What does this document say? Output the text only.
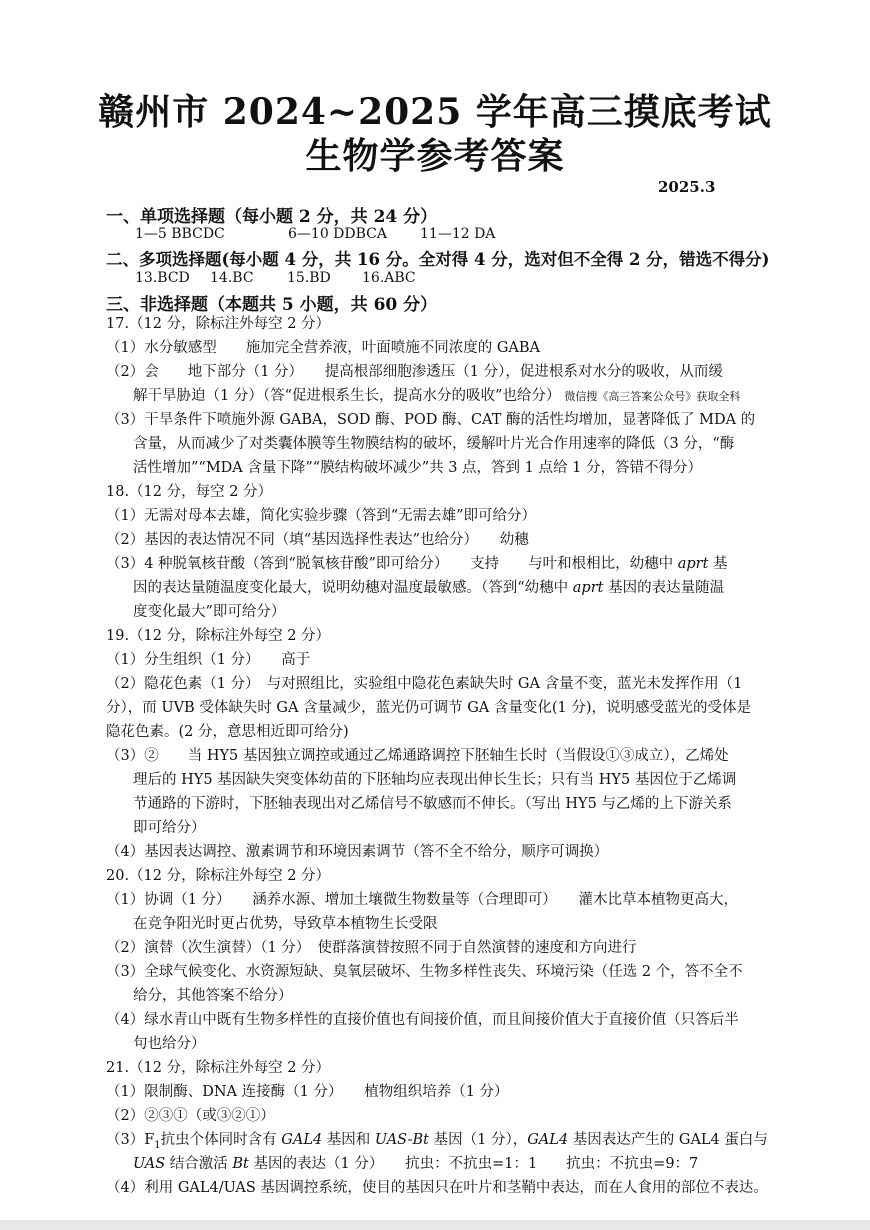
赣州市 2024~2025 学年高三摸底考试
生物学参考答案
2025.3
一、单项选择题（每小题 2 分，共 24 分）
1—5 BBCDC	6—10 DDBCA 11—12 DA
二、多项选择题(每小题 4 分，共 16 分。全对得 4 分，选对但不全得 2 分，错选不得分)
13.BCD 14.BC 15.BD 16.ABC
三、非选择题（本题共 5 小题，共 60 分）
17.（12 分，除标注外每空 2 分）
（1）水分敏感型　　施加完全营养液，叶面喷施不同浓度的 GABA
（2）会　　地下部分（1 分）　　提高根部细胞渗透压（1 分），促进根系对水分的吸收，从而缓
解干旱胁迫（1 分）（答“促进根系生长，提高水分的吸收”也给分） 微信搜《高三答案公众号》获取全科
（3）干旱条件下喷施外源 GABA，SOD 酶、POD 酶、CAT 酶的活性均增加，显著降低了 MDA 的
含量，从而减少了对类囊体膜等生物膜结构的破坏，缓解叶片光合作用速率的降低（3 分，“酶
活性增加”“MDA 含量下降”“膜结构破坏减少”共 3 点，答到 1 点给 1 分，答错不得分）
18.（12 分，每空 2 分）
（1）无需对母本去雄，简化实验步骤（答到“无需去雄”即可给分）
（2）基因的表达情况不同（填“基因选择性表达”也给分）　　幼穗
（3）4 种脱氧核苷酸（答到“脱氧核苷酸”即可给分）　　支持　　与叶和根相比，幼穗中 aprt 基
因的表达量随温度变化最大，说明幼穗对温度最敏感。（答到“幼穗中 aprt 基因的表达量随温
度变化最大”即可给分）
19.（12 分，除标注外每空 2 分）
（1）分生组织（1 分）　　高于
（2）隐花色素（1 分）　与对照组比，实验组中隐花色素缺失时 GA 含量不变，蓝光未发挥作用（1
分），而 UVB 受体缺失时 GA 含量减少，蓝光仍可调节 GA 含量变化(1 分)，说明感受蓝光的受体是
隐花色素。(2 分，意思相近即可给分)
（3）②　　当 HY5 基因独立调控或通过乙烯通路调控下胚轴生长时（当假设①③成立），乙烯处
理后的 HY5 基因缺失突变体幼苗的下胚轴均应表现出伸长生长；只有当 HY5 基因位于乙烯调
节通路的下游时，下胚轴表现出对乙烯信号不敏感而不伸长。（写出 HY5 与乙烯的上下游关系
即可给分）
（4）基因表达调控、激素调节和环境因素调节（答不全不给分，顺序可调换）
20.（12 分，除标注外每空 2 分）
（1）协调（1 分）　　涵养水源、增加土壤微生物数量等（合理即可）　　灌木比草本植物更高大，
在竞争阳光时更占优势，导致草本植物生长受限
（2）演替（次生演替）（1 分）　使群落演替按照不同于自然演替的速度和方向进行
（3）全球气候变化、水资源短缺、臭氧层破坏、生物多样性丧失、环境污染（任选 2 个，答不全不
给分，其他答案不给分）
（4）绿水青山中既有生物多样性的直接价值也有间接价值，而且间接价值大于直接价值（只答后半
句也给分）
21.（12 分，除标注外每空 2 分）
（1）限制酶、DNA 连接酶（1 分）　　植物组织培养（1 分）
（2）②③①（或③②①）
$(3)F_1$抗虫个体同时含有 GAL4 基因和 UAS-Bt 基因（1 分），GAL4 基因表达产生的 GAL4 蛋白与
UAS 结合激活 Bt 基因的表达（1 分）　　抗虫：不抗虫=1：1　　抗虫：不抗虫=9：7
（4）利用 GAL4/UAS 基因调控系统，使目的基因只在叶片和茎鞘中表达，而在人食用的部位不表达。
